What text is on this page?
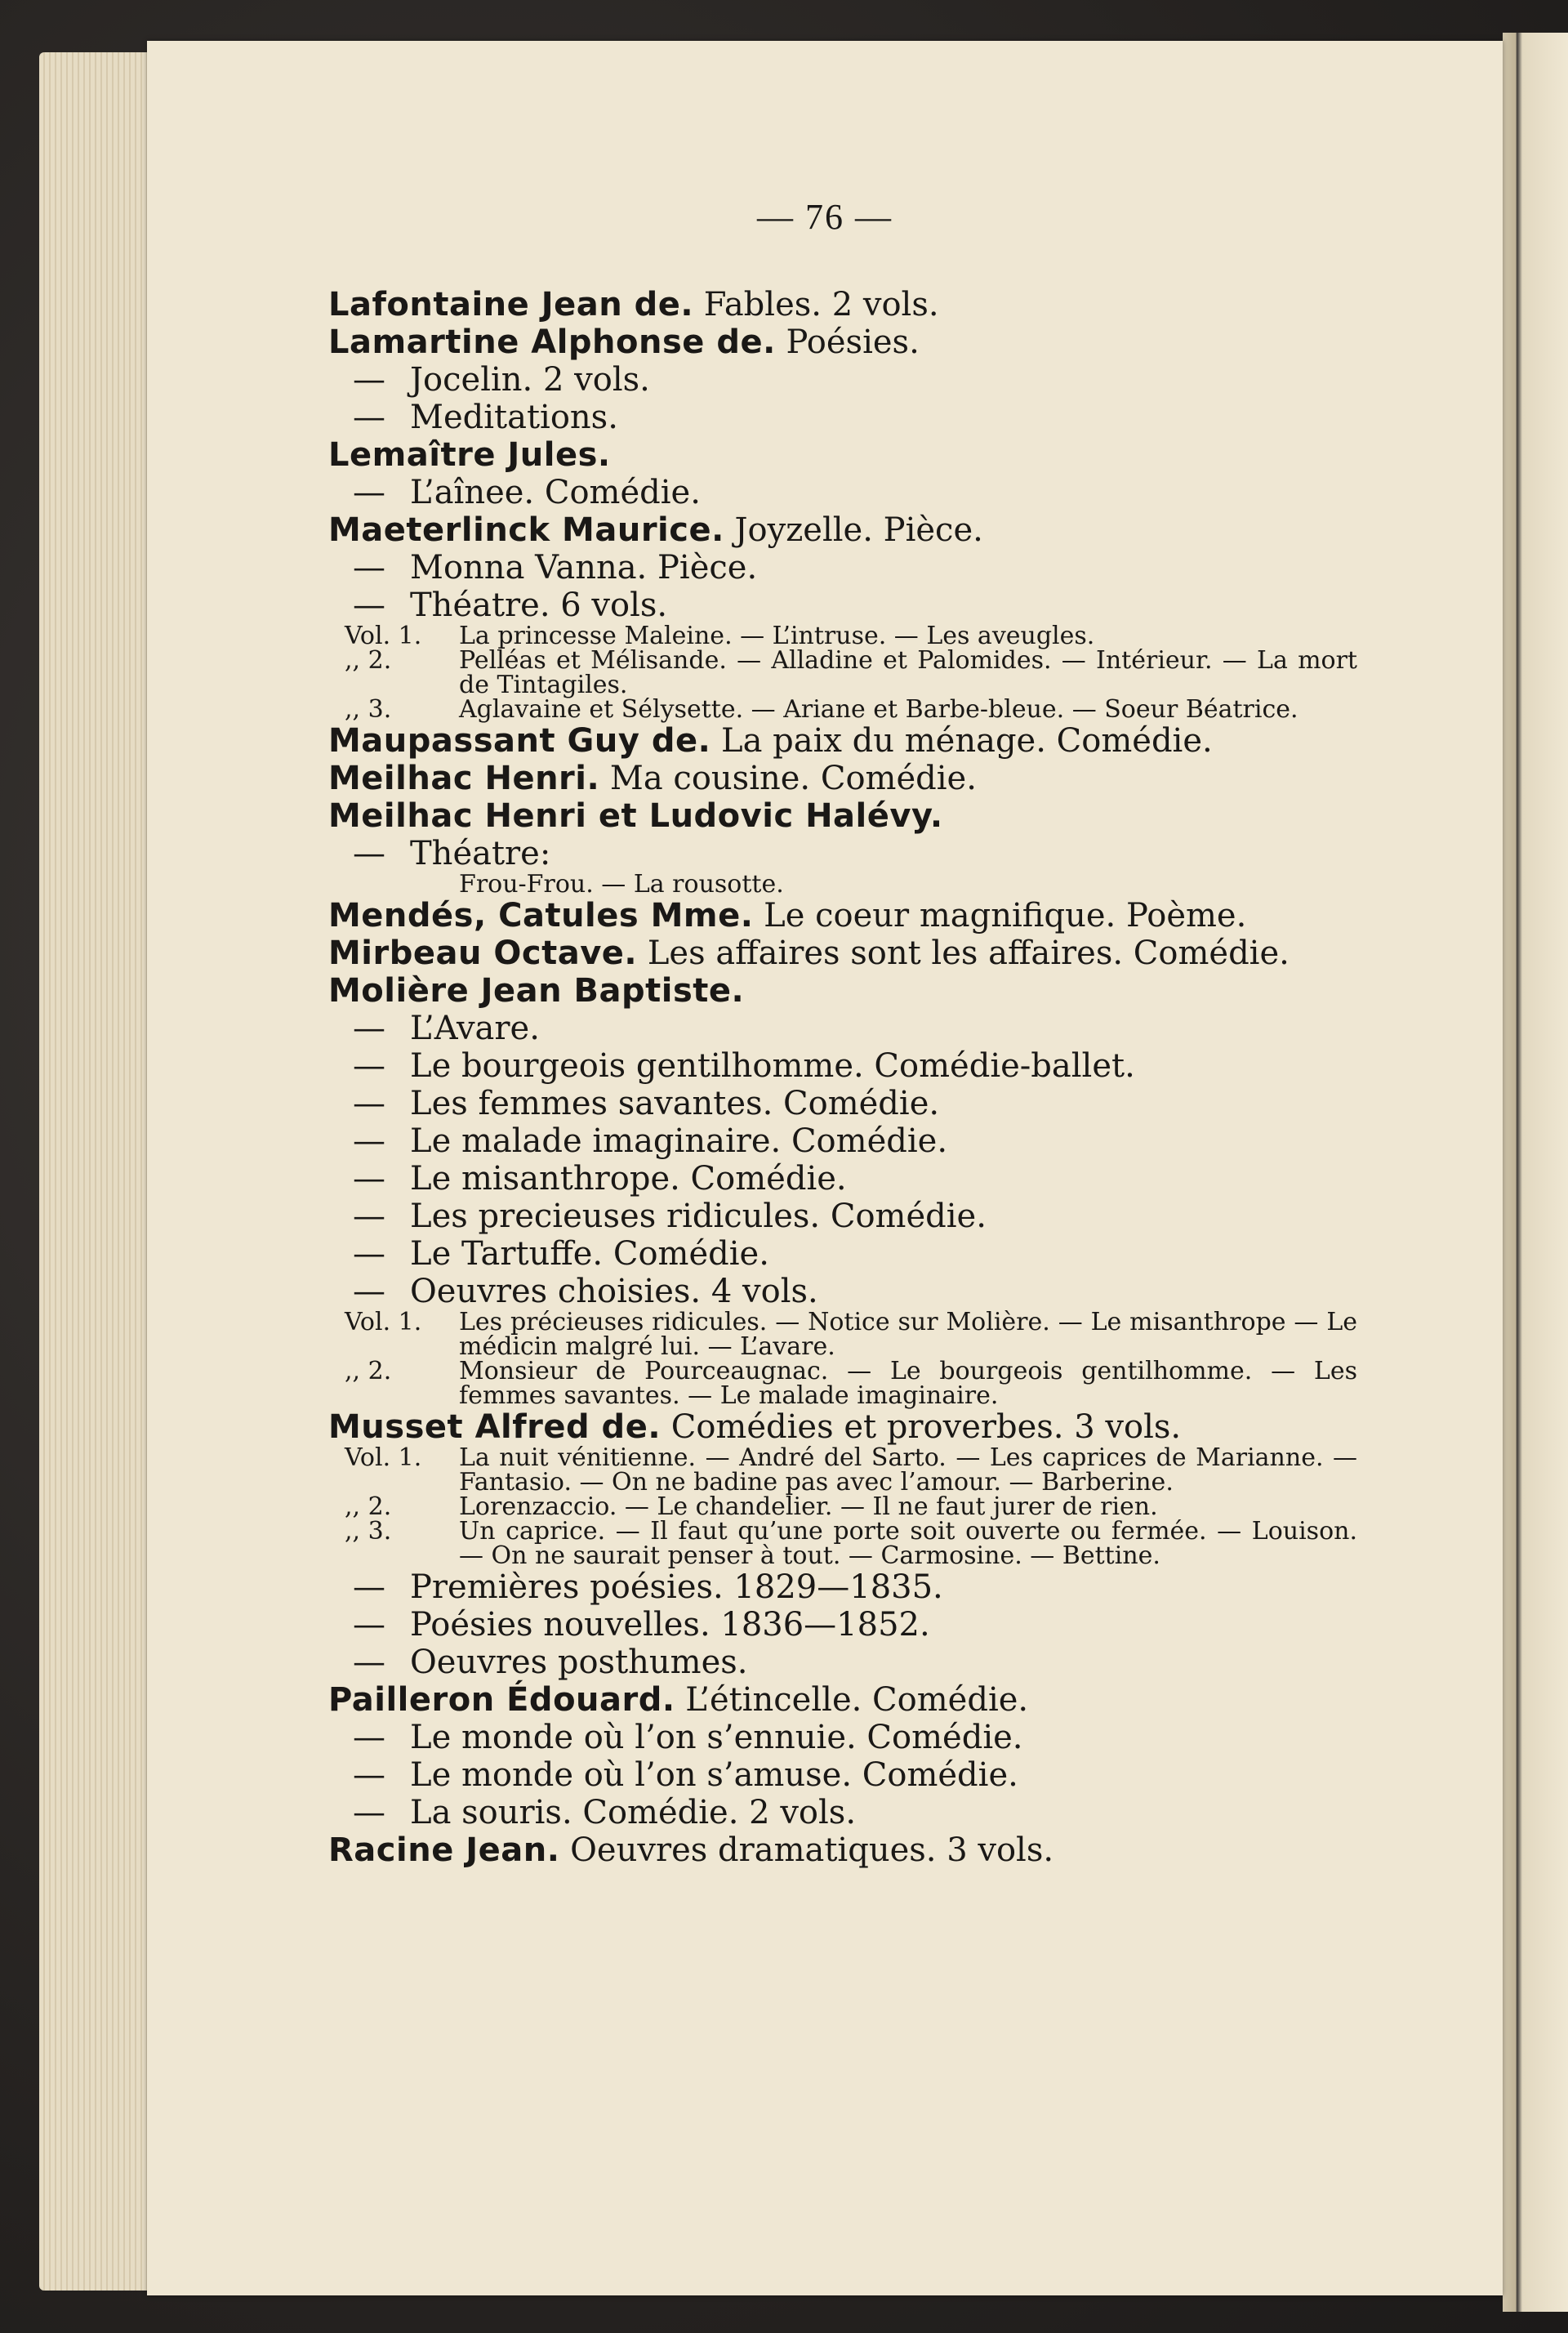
— 76 —
Lafontaine Jean de. Fables. 2 vols.
Lamartine Alphonse de. Poésies.
— Jocelin. 2 vols.
— Meditations.
Lemaître Jules.
— L’aînee. Comédie.
Maeterlinck Maurice. Joyzelle. Pièce.
— Monna Vanna. Pièce.
— Théatre. 6 vols.
Vol. 1. La princesse Maleine. — L’intruse. — Les aveugles.
,, 2.	Pelléas et Mélisande. — Alladine et Palomides. — Intérieur. — La mort de Tintagiles.
,, 3.	Aglavaine et Sélysette. — Ariane et Barbe-bleue. — Soeur Béatrice.
Maupassant Guy de. La paix du ménage. Comédie.
Meilhac Henri. Ma cousine. Comédie.
Meilhac Henri et Ludovic Halévy.
— Théatre:
Frou-Frou. — La rousotte.
Mendés, Catules Mme. Le coeur magnifique. Poème.
Mirbeau Octave. Les affaires sont les affaires. Comédie.
Molière Jean Baptiste.
— L’Avare.
— Le bourgeois gentilhomme. Comédie-ballet.
— Les femmes savantes. Comédie.
— Le malade imaginaire. Comédie.
— Le misanthrope. Comédie.
— Les precieuses ridicules. Comédie.
— Le Tartuffe. Comédie.
— Oeuvres choisies. 4 vols.
Vol. 1. Les précieuses ridicules. — Notice sur Molière. — Le misanthrope — Le médicin malgré lui. — L’avare.
,, 2.	Monsieur de Pourceaugnac. — Le bourgeois gentilhomme. — Les femmes savantes. — Le malade imaginaire.
Musset Alfred de. Comédies et proverbes. 3 vols.
Vol. 1. La nuit vénitienne. — André del Sarto. — Les caprices de Marianne. — Fantasio. — On ne badine pas avec l’amour. — Barberine.
,, 2.	Lorenzaccio. — Le chandelier. — Il ne faut jurer de rien.
,, 3.	Un caprice. — Il faut qu’une porte soit ouverte ou fermée. — Louison. — On ne saurait penser à tout. — Carmosine. — Bettine.
— Premières poésies. 1829—1835.
— Poésies nouvelles. 1836—1852.
— Oeuvres posthumes.
Pailleron Édouard. L’étincelle. Comédie.
— Le monde où l’on s’ennuie. Comédie.
— Le monde où l’on s’amuse. Comédie.
— La souris. Comédie. 2 vols.
Racine Jean. Oeuvres dramatiques. 3 vols.
